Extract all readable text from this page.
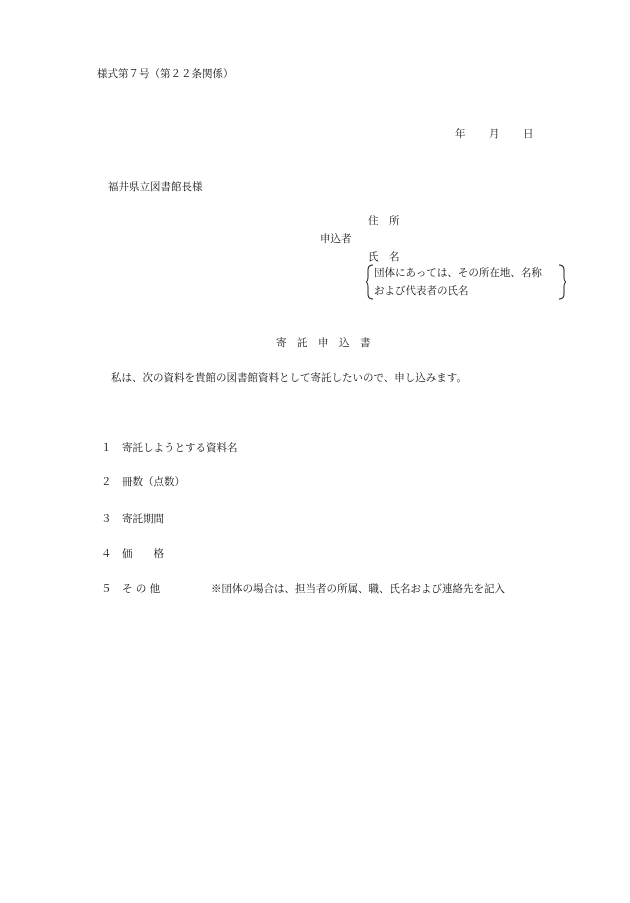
様式第７号（第２２条関係）
年 月 日
福井県立図書館長様
住　所
申込者
氏　名
団体にあっては、その所在地、名称
および代表者の氏名
寄　託　申　込　書
私は、次の資料を貴館の図書館資料として寄託したいので、申し込みます。
１ 寄託しようとする資料名
２ 冊数（点数）
３ 寄託期間
４ 価　　格
５ そ の 他	※団体の場合は、担当者の所属、職、氏名および連絡先を記入
